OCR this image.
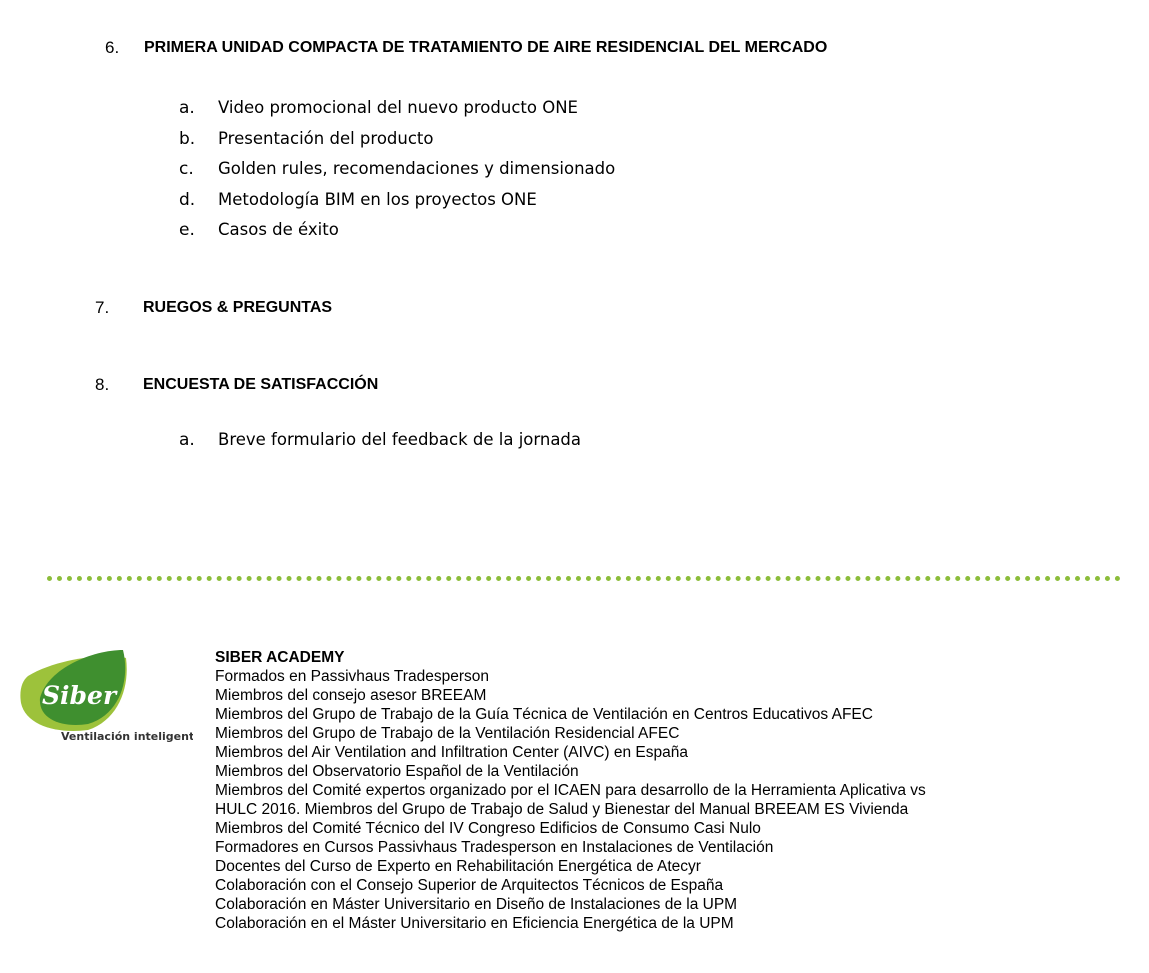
6. PRIMERA UNIDAD COMPACTA DE TRATAMIENTO DE AIRE RESIDENCIAL DEL MERCADO
a. Video promocional del nuevo producto ONE
b. Presentación del producto
c. Golden rules, recomendaciones y dimensionado
d. Metodología BIM en los proyectos ONE
e. Casos de éxito
7. RUEGOS & PREGUNTAS
8. ENCUESTA DE SATISFACCIÓN
a. Breve formulario del feedback de la jornada
Siber
Ventilación inteligente
SIBER ACADEMY
Formados en Passivhaus Tradesperson
Miembros del consejo asesor BREEAM
Miembros del Grupo de Trabajo de la Guía Técnica de Ventilación en Centros Educativos AFEC
Miembros del Grupo de Trabajo de la Ventilación Residencial AFEC
Miembros del Air Ventilation and Infiltration Center (AIVC) en España
Miembros del Observatorio Español de la Ventilación
Miembros del Comité expertos organizado por el ICAEN para desarrollo de la Herramienta Aplicativa vs
HULC 2016. Miembros del Grupo de Trabajo de Salud y Bienestar del Manual BREEAM ES Vivienda
Miembros del Comité Técnico del IV Congreso Edificios de Consumo Casi Nulo
Formadores en Cursos Passivhaus Tradesperson en Instalaciones de Ventilación
Docentes del Curso de Experto en Rehabilitación Energética de Atecyr
Colaboración con el Consejo Superior de Arquitectos Técnicos de España
Colaboración en Máster Universitario en Diseño de Instalaciones de la UPM
Colaboración en el Máster Universitario en Eficiencia Energética de la UPM
